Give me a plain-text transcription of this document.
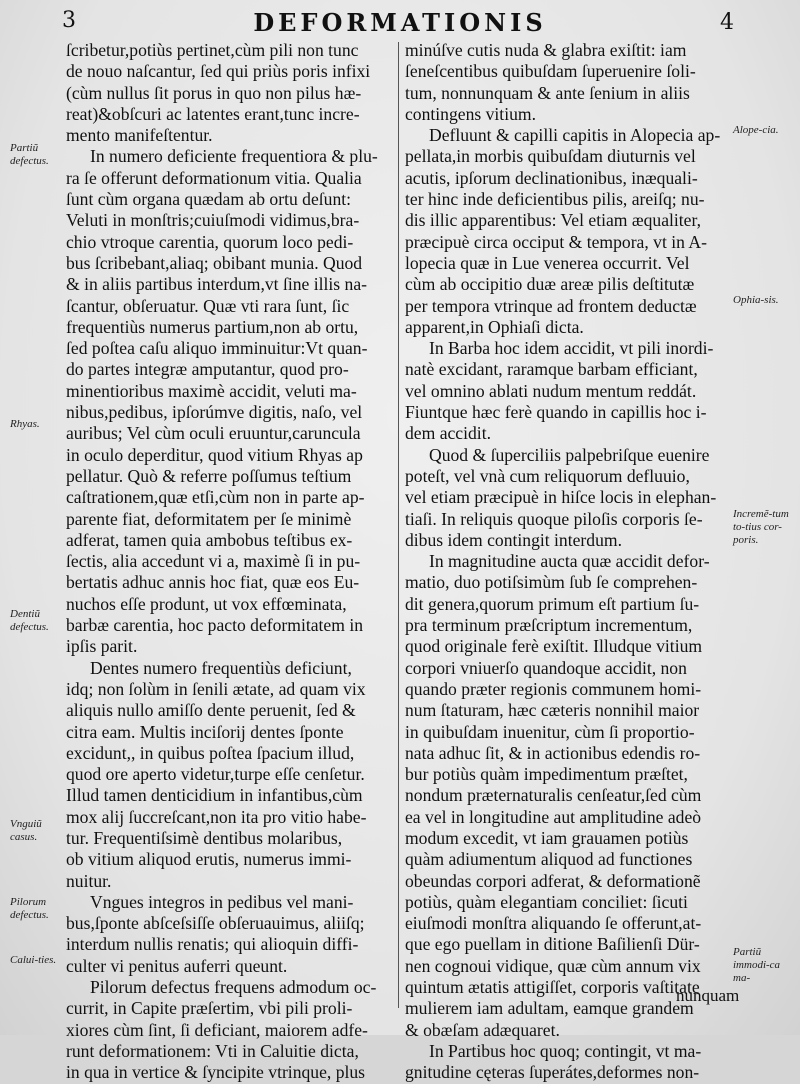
3	DEFORMATIONIS	4
ſcribetur,potiùs pertinet,cùm pili non tunc
de nouo naſcantur, ſed qui priùs poris infixi
(cùm nullus ſit porus in quo non pilus hæ-
reat)&obſcuri ac latentes erant,tunc incre-
mento manifeſtentur.
In numero deficiente frequentiora & plu-
ra ſe offerunt deformationum vitia. Qualia
ſunt cùm organa quædam ab ortu deſunt:
Veluti in monſtris;cuiuſmodi vidimus,bra-
chio vtroque carentia, quorum loco pedi-
bus ſcribebant,aliaq; obibant munia. Quod
& in aliis partibus interdum,vt ſine illis na-
ſcantur, obſeruatur. Quæ vti rara ſunt, ſic
frequentiùs numerus partium,non ab ortu,
ſed poſtea caſu aliquo imminuitur:Vt quan-
do partes integræ amputantur, quod pro-
minentioribus maximè accidit, veluti ma-
nibus,pedibus, ipſorúmve digitis, naſo, vel
auribus; Vel cùm oculi eruuntur,caruncula
in oculo deperditur, quod vitium Rhyas ap
pellatur. Quò & referre poſſumus teſtium
caſtrationem,quæ etſi,cùm non in parte ap-
parente fiat, deformitatem per ſe minimè
adferat, tamen quia ambobus teſtibus ex-
ſectis, alia accedunt vi a, maximè ſi in pu-
bertatis adhuc annis hoc fiat, quæ eos Eu-
nuchos eſſe produnt, ut vox effœminata,
barbæ carentia, hoc pacto deformitatem in
ipſis parit.
Dentes numero frequentiùs deficiunt,
idq; non ſolùm in ſenili ætate, ad quam vix
aliquis nullo amiſſo dente peruenit, ſed &
citra eam. Multis inciſorij dentes ſponte
excidunt,, in quibus poſtea ſpacium illud,
quod ore aperto videtur,turpe eſſe cenſetur.
Illud tamen denticidium in infantibus,cùm
mox alij ſuccreſcant,non ita pro vitio habe-
tur. Frequentiſsimè dentibus molaribus,
ob vitium aliquod erutis, numerus immi-
nuitur.
Vngues integros in pedibus vel mani-
bus,ſponte abſceſsiſſe obſeruauimus, aliiſq;
interdum nullis renatis; qui alioquin diffi-
culter vi penitus auferri queunt.
Pilorum defectus frequens admodum oc-
currit, in Capite præſertim, vbi pili proli-
xiores cùm ſint, ſi deficiant, maiorem adfe-
runt deformationem: Vti in Caluitie dicta,
in qua in vertice & ſyncipite vtrinque, plus
minúſve cutis nuda & glabra exiſtit: iam
ſeneſcentibus quibuſdam ſuperuenire ſoli-
tum, nonnunquam & ante ſenium in aliis
contingens vitium.
Defluunt & capilli capitis in Alopecia ap-
pellata,in morbis quibuſdam diuturnis vel
acutis, ipſorum declinationibus, inæquali-
ter hinc inde deficientibus pilis, areiſq; nu-
dis illic apparentibus: Vel etiam æqualiter,
præcipuè circa occiput & tempora, vt in A-
lopecia quæ in Lue venerea occurrit. Vel
cùm ab occipitio duæ areæ pilis deſtitutæ
per tempora vtrinque ad frontem deductæ
apparent,in Ophiaſi dicta.
In Barba hoc idem accidit, vt pili inordi-
natè excidant, raramque barbam efficiant,
vel omnino ablati nudum mentum reddát.
Fiuntque hæc ferè quando in capillis hoc i-
dem accidit.
Quod & ſuperciliis palpebriſque euenire
poteſt, vel vnà cum reliquorum defluuio,
vel etiam præcipuè in hiſce locis in elephan-
tiaſi. In reliquis quoque piloſis corporis ſe-
dibus idem contingit interdum.
In magnitudine aucta quæ accidit defor-
matio, duo potiſsimùm ſub ſe comprehen-
dit genera,quorum primum eſt partium ſu-
pra terminum præſcriptum incrementum,
quod originale ferè exiſtit. Illudque vitium
corpori vniuerſo quandoque accidit, non
quando præter regionis communem homi-
num ſtaturam, hæc cæteris nonnihil maior
in quibuſdam inuenitur, cùm ſi proportio-
nata adhuc ſit, & in actionibus edendis ro-
bur potiùs quàm impedimentum præſtet,
nondum præternaturalis cenſeatur,ſed cùm
ea vel in longitudine aut amplitudine adeò
modum excedit, vt iam grauamen potiùs
quàm adiumentum aliquod ad functiones
obeundas corpori adferat, & deformationẽ
potiùs, quàm elegantiam conciliet: ſicuti
eiuſmodi monſtra aliquando ſe offerunt,at-
que ego puellam in ditione Baſilienſi Dür-
nen cognoui vidique, quæ cùm annum vix
quintum ætatis attigiſſet, corporis vaſtitate
mulierem iam adultam, eamque grandem
& obæſam adæquaret.
In Partibus hoc quoq; contingit, vt ma-
gnitudine cęteras ſuperátes,deformes non-
Partiũ defectus.
Rhyas.
Dentiũ defectus.
Vnguiũ casus.
Pilorum defectus.
Calui-ties.
Alope-cia.
Ophia-sis.
Incremẽ-tum to-tius cor-poris.
Partiũ immodi-ca ma-
nunquam
